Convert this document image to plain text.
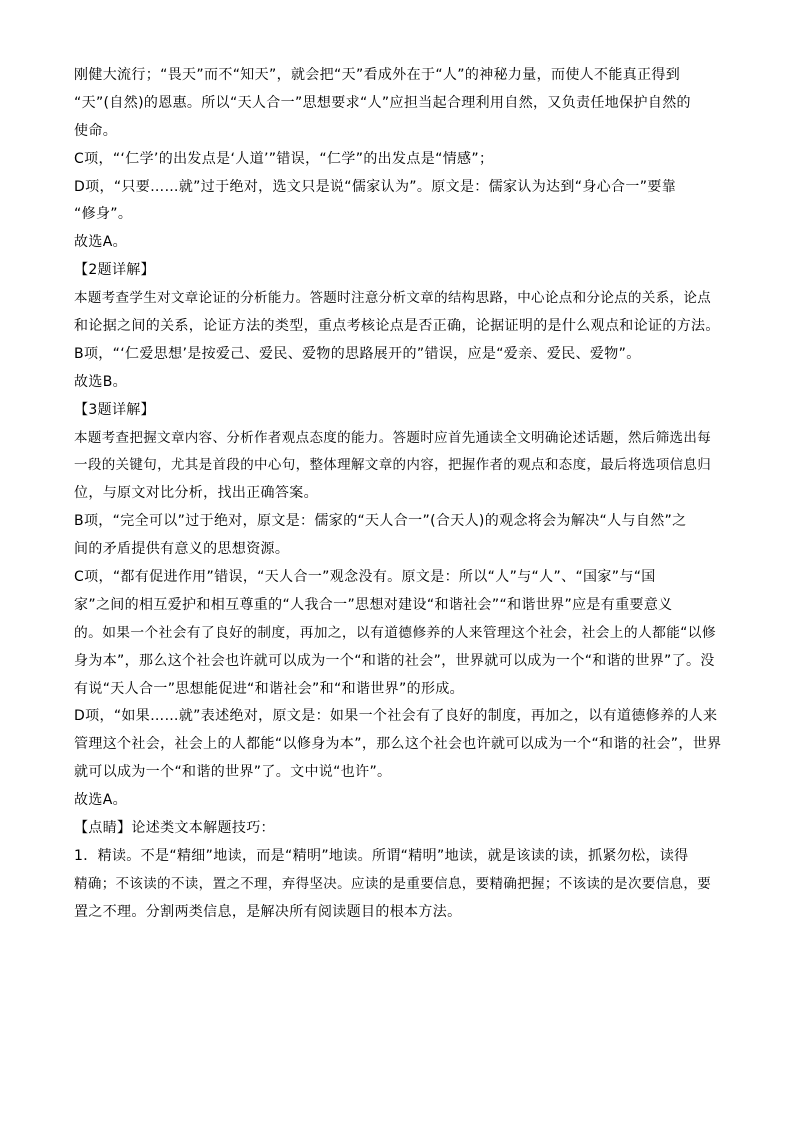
刚健大流行；“畏天”而不“知天”，就会把“天”看成外在于“人”的神秘力量，而使人不能真正得到
“天”(自然)的恩惠。所以“天人合一”思想要求“人”应担当起合理利用自然，又负责任地保护自然的
使命。
C项，“‘仁学’的出发点是‘人道’”错误，“仁学”的出发点是“情感”；
D项，“只要……就”过于绝对，选文只是说“儒家认为”。原文是：儒家认为达到“身心合一”要靠
“修身”。
故选A。
【2题详解】
本题考查学生对文章论证的分析能力。答题时注意分析文章的结构思路，中心论点和分论点的关系，论点
和论据之间的关系，论证方法的类型，重点考核论点是否正确，论据证明的是什么观点和论证的方法。
B项，“‘仁爱思想’是按爱己、爱民、爱物的思路展开的”错误，应是“爱亲、爱民、爱物”。
故选B。
【3题详解】
本题考查把握文章内容、分析作者观点态度的能力。答题时应首先通读全文明确论述话题，然后筛选出每
一段的关键句，尤其是首段的中心句，整体理解文章的内容，把握作者的观点和态度，最后将选项信息归
位，与原文对比分析，找出正确答案。
B项，“完全可以”过于绝对，原文是：儒家的“天人合一”(合天人)的观念将会为解决“人与自然”之
间的矛盾提供有意义的思想资源。
C项，“都有促进作用”错误，“天人合一”观念没有。原文是：所以“人”与“人”、“国家”与“国
家”之间的相互爱护和相互尊重的“人我合一”思想对建设“和谐社会”“和谐世界”应是有重要意义
的。如果一个社会有了良好的制度，再加之，以有道德修养的人来管理这个社会，社会上的人都能“以修
身为本”，那么这个社会也许就可以成为一个“和谐的社会”，世界就可以成为一个“和谐的世界”了。没
有说“天人合一”思想能促进“和谐社会”和“和谐世界”的形成。
D项，“如果……就”表述绝对，原文是：如果一个社会有了良好的制度，再加之，以有道德修养的人来
管理这个社会，社会上的人都能“以修身为本”，那么这个社会也许就可以成为一个“和谐的社会”，世界
就可以成为一个“和谐的世界”了。文中说“也许”。
故选A。
【点睛】论述类文本解题技巧：
1．精读。不是“精细”地读，而是“精明”地读。所谓“精明”地读，就是该读的读，抓紧勿松，读得
精确；不该读的不读，置之不理，弃得坚决。应读的是重要信息，要精确把握；不该读的是次要信息，要
置之不理。分割两类信息，是解决所有阅读题目的根本方法。
